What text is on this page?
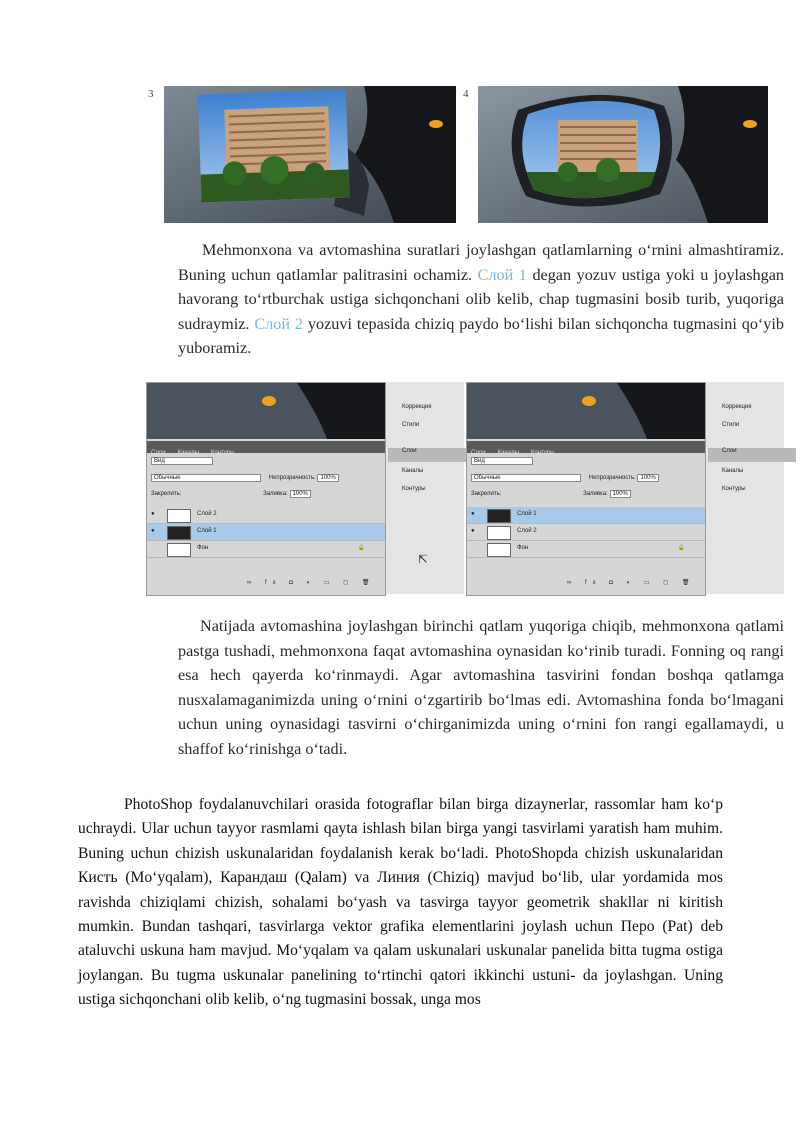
3	4

Mehmonxona va avtomashina suratlari joylashgan qatlamlarning o‘rnini almashtiramiz. Buning uchun qatlamlar palitrasini ochamiz. Слой 1 degan yozuv ustiga yoki u joylashgan havorang to‘rtburchak ustiga sichqonchani olib kelib, chap tugmasini bosib turib, yuqoriga sudraymiz. Слой 2 yozuvi tepasida chiziq paydo bo‘lishi bilan sichqoncha tugmasini qo‘yib yuboramiz.

Слои Каналы Контуры
Вид
Обычные	Непрозрачность: 100%
Закрепить:	Заливка: 100%
●	Слой 2
●	Слой 1
Фон	🔒
∞ fx ◘ ◐ ▭ ◻ 🗑
Коррекция
Стили
Слои
Каналы
Контуры
⇱
Слои Каналы Контуры
Вид
Обычные	Непрозрачность: 100%
Закрепить:	Заливка: 100%
●	Слой 1
●	Слой 2
Фон	🔒
∞ fx ◘ ◐ ▭ ◻ 🗑
Коррекция
Стили
Слои
Каналы
Контуры

Natijada avtomashina joylashgan birinchi qatlam yuqoriga chiqib, mehmonxona qatlami pastga tushadi, mehmonxona faqat avtomashina oynasidan ko‘rinib turadi. Fonning oq rangi esa hech qayerda ko‘rinmaydi. Agar avtomashina tasvirini fondan boshqa qatlamga nusxalamaganimizda uning o‘rnini o‘zgartirib bo‘lmas edi. Avtomashina fonda bo‘lmagani uchun uning oynasidagi tasvirni o‘chirganimizda uning o‘rnini fon rangi egallamaydi, u shaffof ko‘rinishga o‘tadi.

PhotoShop foydalanuvchilari orasida fotograflar bilan birga dizaynerlar, rassomlar ham ko‘p uchraydi. Ular uchun tayyor rasmlami qayta ishlash bilan birga yangi tasvirlami yaratish ham muhim. Buning uchun chizish uskunalaridan foydalanish kerak bo‘ladi. PhotoShopda chizish uskunalaridan Кисть (Mo‘yqalam), Карандаш (Qalam) va Линия (Chiziq) mavjud bo‘lib, ular yordamida mos ravishda chiziqlami chizish, sohalami bo‘yash va tasvirga tayyor geometrik shakllar ni kiritish mumkin. Bundan tashqari, tasvirlarga vektor grafika elementlarini joylash uchun Перо (Pat) deb ataluvchi uskuna ham mavjud. Mo‘yqalam va qalam uskunalari uskunalar panelida bitta tugma ostiga joylangan. Bu tugma uskunalar panelining to‘rtinchi qatori ikkinchi ustuni- da joylashgan. Uning ustiga sichqonchani olib kelib, o‘ng tugmasini bossak, unga mos
